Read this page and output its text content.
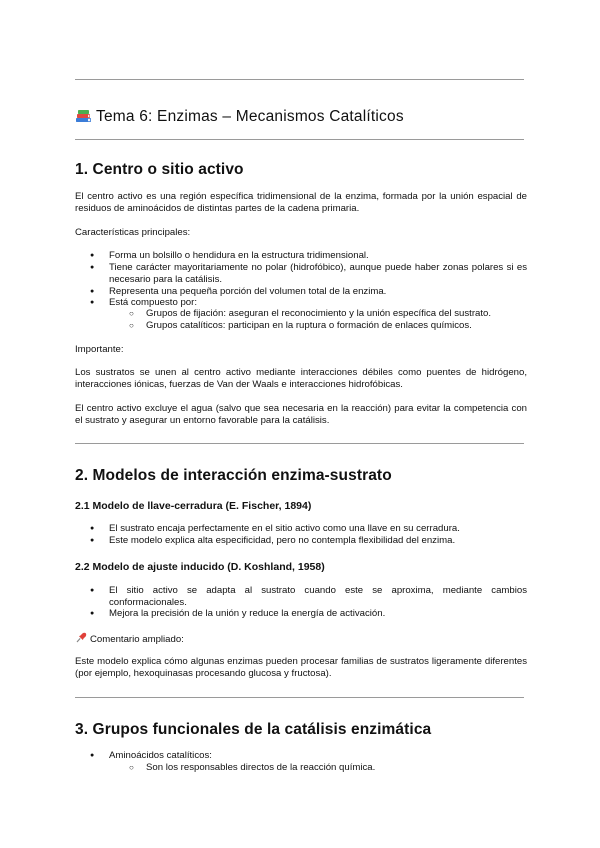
Tema 6: Enzimas – Mecanismos Catalíticos
1. Centro o sitio activo
El centro activo es una región específica tridimensional de la enzima, formada por la unión espacial de residuos de aminoácidos de distintas partes de la cadena primaria.
Características principales:
● Forma un bolsillo o hendidura en la estructura tridimensional.
● Tiene carácter mayoritariamente no polar (hidrofóbico), aunque puede haber zonas polares si es necesario para la catálisis.
● Representa una pequeña porción del volumen total de la enzima.
● Está compuesto por:
○ Grupos de fijación: aseguran el reconocimiento y la unión específica del sustrato.
○ Grupos catalíticos: participan en la ruptura o formación de enlaces químicos.
Importante:
Los sustratos se unen al centro activo mediante interacciones débiles como puentes de hidrógeno, interacciones iónicas, fuerzas de Van der Waals e interacciones hidrofóbicas.
El centro activo excluye el agua (salvo que sea necesaria en la reacción) para evitar la competencia con el sustrato y asegurar un entorno favorable para la catálisis.
2. Modelos de interacción enzima-sustrato
2.1 Modelo de llave-cerradura (E. Fischer, 1894)
● El sustrato encaja perfectamente en el sitio activo como una llave en su cerradura.
● Este modelo explica alta especificidad, pero no contempla flexibilidad del enzima.
2.2 Modelo de ajuste inducido (D. Koshland, 1958)
● El sitio activo se adapta al sustrato cuando este se aproxima, mediante cambios conformacionales.
● Mejora la precisión de la unión y reduce la energía de activación.
Comentario ampliado:
Este modelo explica cómo algunas enzimas pueden procesar familias de sustratos ligeramente diferentes (por ejemplo, hexoquinasas procesando glucosa y fructosa).
3. Grupos funcionales de la catálisis enzimática
● Aminoácidos catalíticos:
○ Son los responsables directos de la reacción química.
